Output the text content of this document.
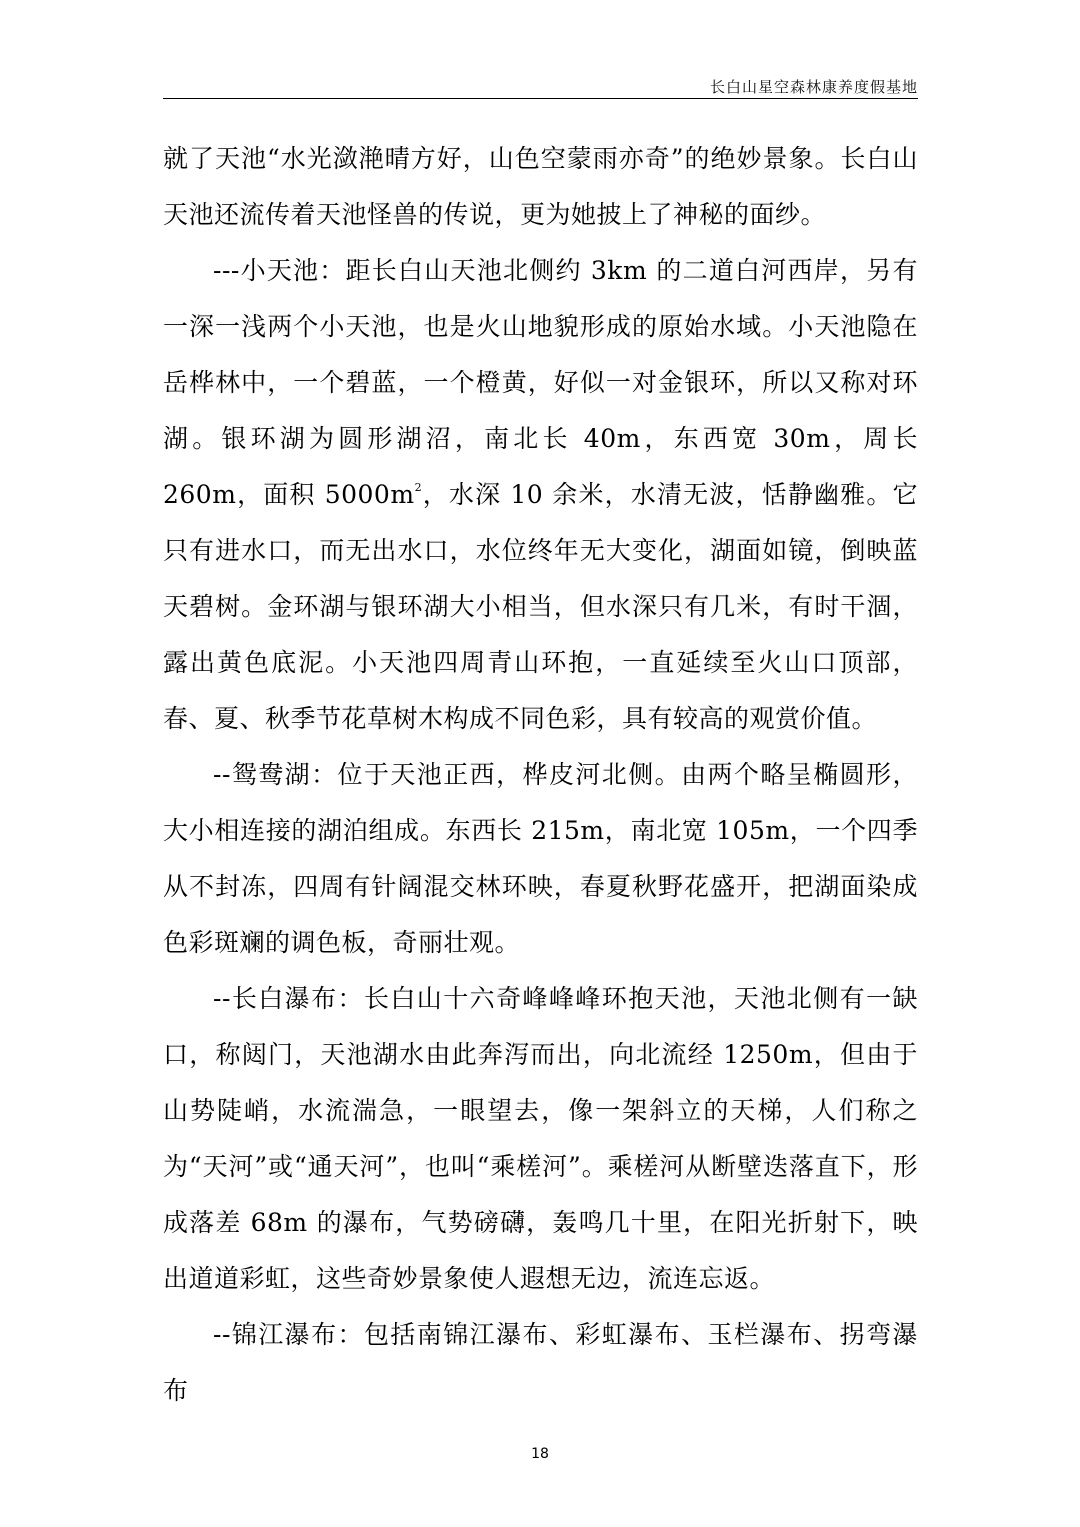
长白山星空森林康养度假基地

就了天池“水光潋滟晴方好，山色空蒙雨亦奇”的绝妙景象。长白山天池还流传着天池怪兽的传说，更为她披上了神秘的面纱。

---小天池：距长白山天池北侧约 3km 的二道白河西岸，另有一深一浅两个小天池，也是火山地貌形成的原始水域。小天池隐在岳桦林中，一个碧蓝，一个橙黄，好似一对金银环，所以又称对环湖。银环湖为圆形湖沼，南北长 40m，东西宽 30m，周长 260m，面积 $5000m^2$，水深 10 余米，水清无波，恬静幽雅。它只有进水口，而无出水口，水位终年无大变化，湖面如镜，倒映蓝天碧树。金环湖与银环湖大小相当，但水深只有几米，有时干涸，露出黄色底泥。小天池四周青山环抱，一直延续至火山口顶部，春、夏、秋季节花草树木构成不同色彩，具有较高的观赏价值。

--鸳鸯湖：位于天池正西，桦皮河北侧。由两个略呈椭圆形，大小相连接的湖泊组成。东西长 215m，南北宽 105m，一个四季从不封冻，四周有针阔混交林环映，春夏秋野花盛开，把湖面染成色彩斑斓的调色板，奇丽壮观。

--长白瀑布：长白山十六奇峰峰峰环抱天池，天池北侧有一缺口，称闼门，天池湖水由此奔泻而出，向北流经 1250m，但由于山势陡峭，水流湍急，一眼望去，像一架斜立的天梯，人们称之为“天河”或“通天河”，也叫“乘槎河”。乘槎河从断壁迭落直下，形成落差 68m 的瀑布，气势磅礴，轰鸣几十里，在阳光折射下，映出道道彩虹，这些奇妙景象使人遐想无边，流连忘返。

--锦江瀑布：包括南锦江瀑布、彩虹瀑布、玉栏瀑布、拐弯瀑布

18
